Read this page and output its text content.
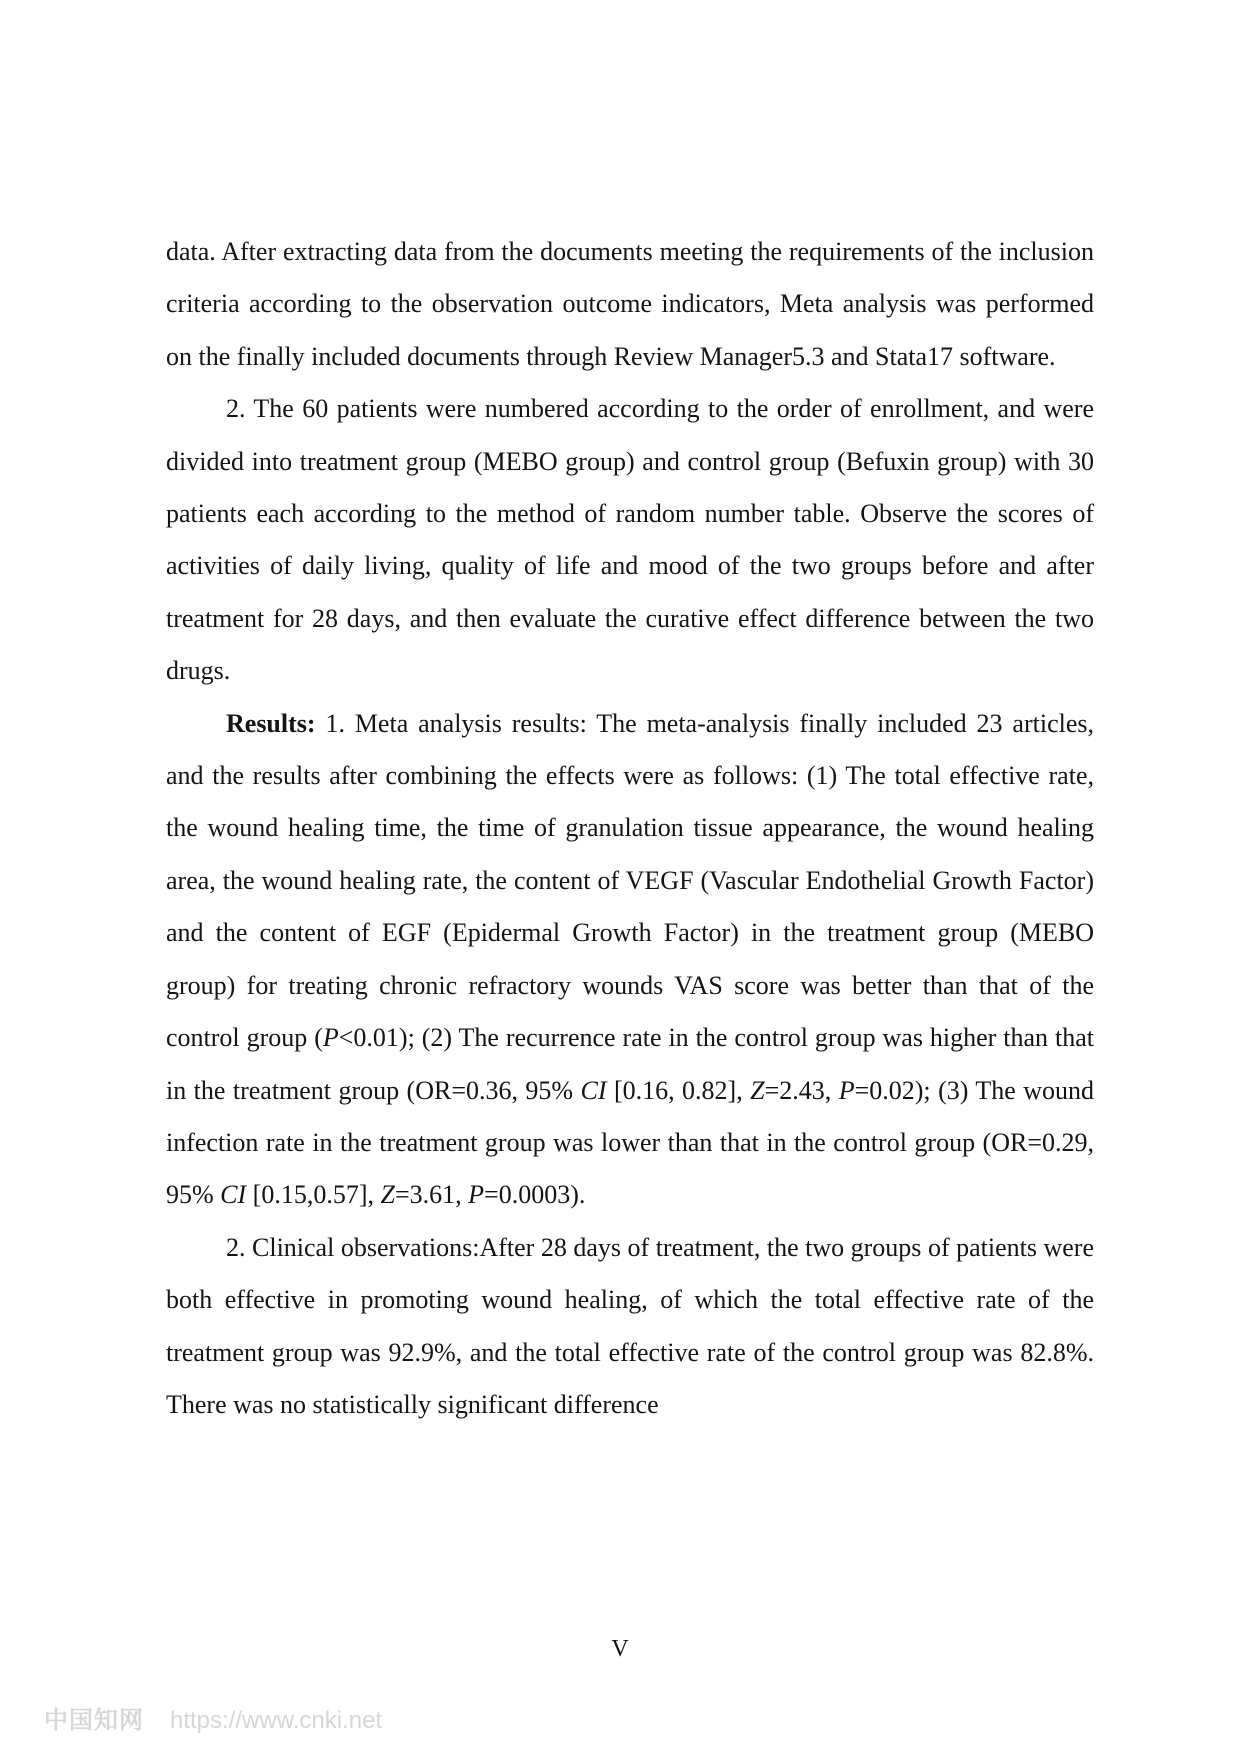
data. After extracting data from the documents meeting the requirements of the inclusion criteria according to the observation outcome indicators, Meta analysis was performed on the finally included documents through Review Manager5.3 and Stata17 software.

2. The 60 patients were numbered according to the order of enrollment, and were divided into treatment group (MEBO group) and control group (Befuxin group) with 30 patients each according to the method of random number table. Observe the scores of activities of daily living, quality of life and mood of the two groups before and after treatment for 28 days, and then evaluate the curative effect difference between the two drugs.

Results: 1. Meta analysis results: The meta-analysis finally included 23 articles, and the results after combining the effects were as follows: (1) The total effective rate, the wound healing time, the time of granulation tissue appearance, the wound healing area, the wound healing rate, the content of VEGF (Vascular Endothelial Growth Factor) and the content of EGF (Epidermal Growth Factor) in the treatment group (MEBO group) for treating chronic refractory wounds VAS score was better than that of the control group (P<0.01); (2) The recurrence rate in the control group was higher than that in the treatment group (OR=0.36, 95% CI [0.16, 0.82], Z=2.43, P=0.02); (3) The wound infection rate in the treatment group was lower than that in the control group (OR=0.29, 95% CI [0.15,0.57], Z=3.61, P=0.0003).

2. Clinical observations:After 28 days of treatment, the two groups of patients were both effective in promoting wound healing, of which the total effective rate of the treatment group was 92.9%, and the total effective rate of the control group was 82.8%. There was no statistically significant difference

V
中国知网 https://www.cnki.net
